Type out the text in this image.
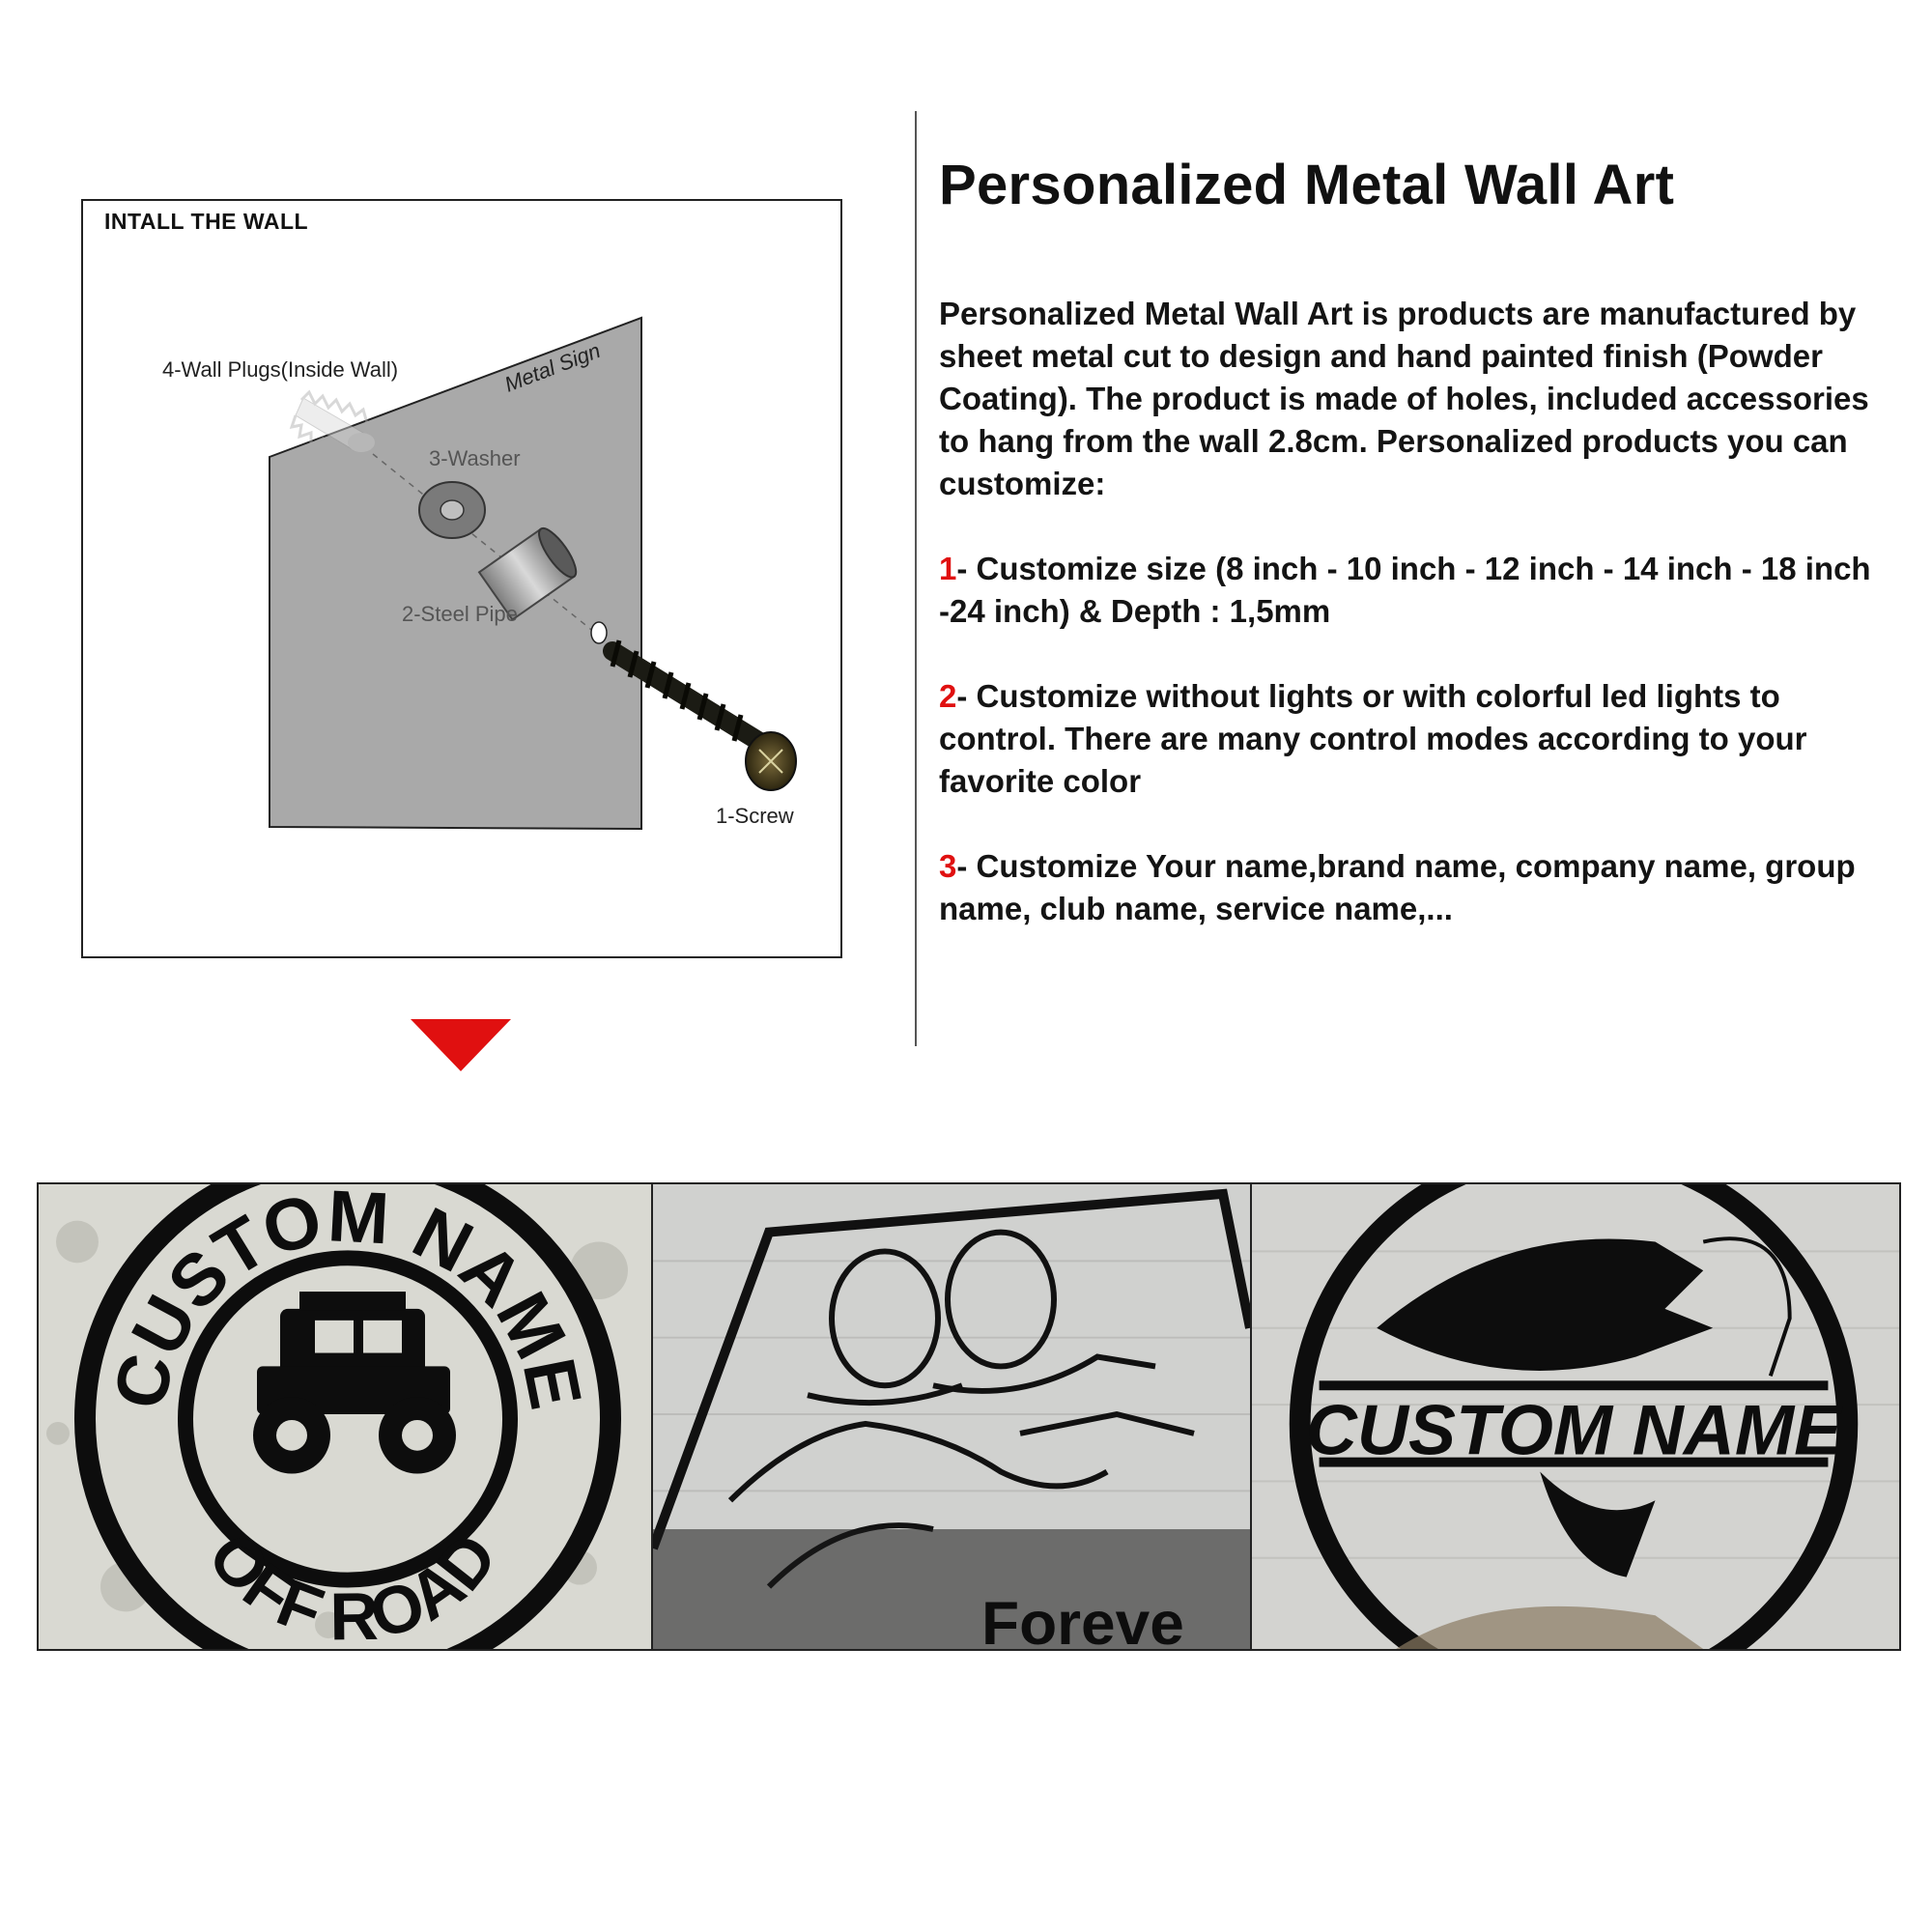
INTALL THE WALL
Metal Sign
4-Wall Plugs(Inside Wall)
3-Washer
2-Steel Pipe
1-Screw
Personalized Metal Wall Art

Personalized Metal Wall Art is products are manufactured by sheet metal cut to design and hand painted finish (Powder Coating). The product is made of holes, included accessories to hang from the wall 2.8cm. Personalized products you can customize:

1- Customize size (8 inch - 10 inch - 12 inch - 14 inch - 18 inch -24 inch) & Depth : 1,5mm

2- Customize without lights or with colorful led lights to control. There are many control modes according to your favorite color

3- Customize Your name,brand name, company name, group name, club name, service name,...

CUSTOM NAME
OFF ROAD
Foreve
CUSTOM NAME
